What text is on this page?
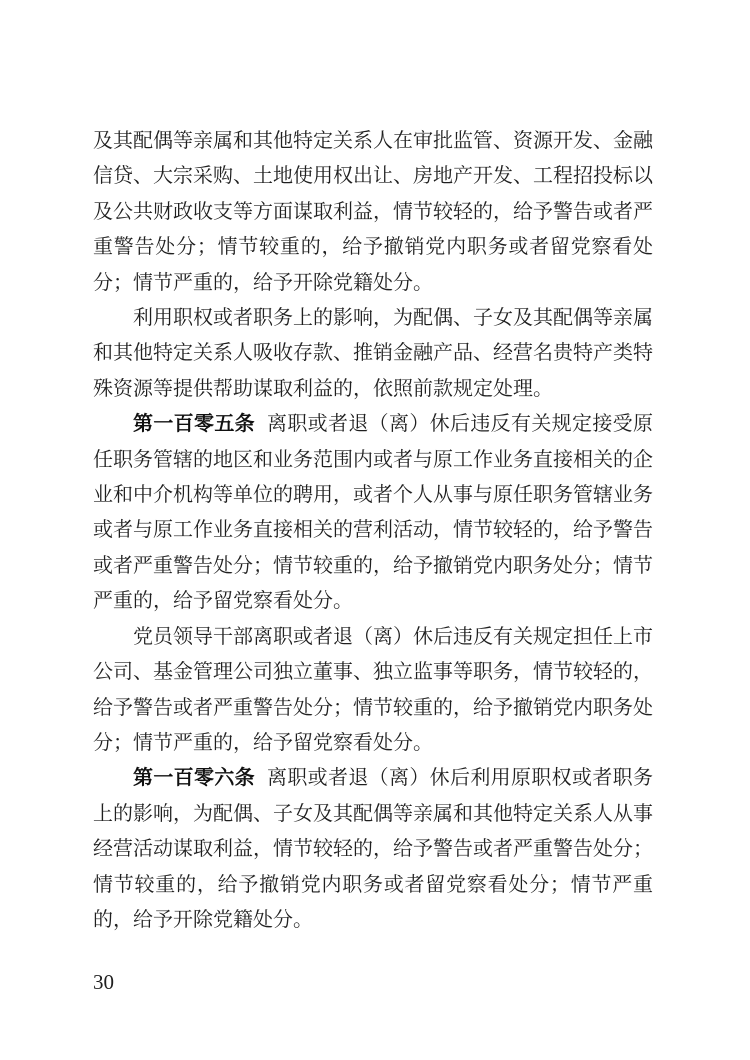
及其配偶等亲属和其他特定关系人在审批监管、资源开发、金融信贷、大宗采购、土地使用权出让、房地产开发、工程招投标以及公共财政收支等方面谋取利益，情节较轻的，给予警告或者严重警告处分；情节较重的，给予撤销党内职务或者留党察看处分；情节严重的，给予开除党籍处分。

利用职权或者职务上的影响，为配偶、子女及其配偶等亲属和其他特定关系人吸收存款、推销金融产品、经营名贵特产类特殊资源等提供帮助谋取利益的，依照前款规定处理。

第一百零五条 离职或者退（离）休后违反有关规定接受原任职务管辖的地区和业务范围内或者与原工作业务直接相关的企业和中介机构等单位的聘用，或者个人从事与原任职务管辖业务或者与原工作业务直接相关的营利活动，情节较轻的，给予警告或者严重警告处分；情节较重的，给予撤销党内职务处分；情节严重的，给予留党察看处分。

党员领导干部离职或者退（离）休后违反有关规定担任上市公司、基金管理公司独立董事、独立监事等职务，情节较轻的，给予警告或者严重警告处分；情节较重的，给予撤销党内职务处分；情节严重的，给予留党察看处分。

第一百零六条 离职或者退（离）休后利用原职权或者职务上的影响，为配偶、子女及其配偶等亲属和其他特定关系人从事经营活动谋取利益，情节较轻的，给予警告或者严重警告处分；情节较重的，给予撤销党内职务或者留党察看处分；情节严重的，给予开除党籍处分。

30
